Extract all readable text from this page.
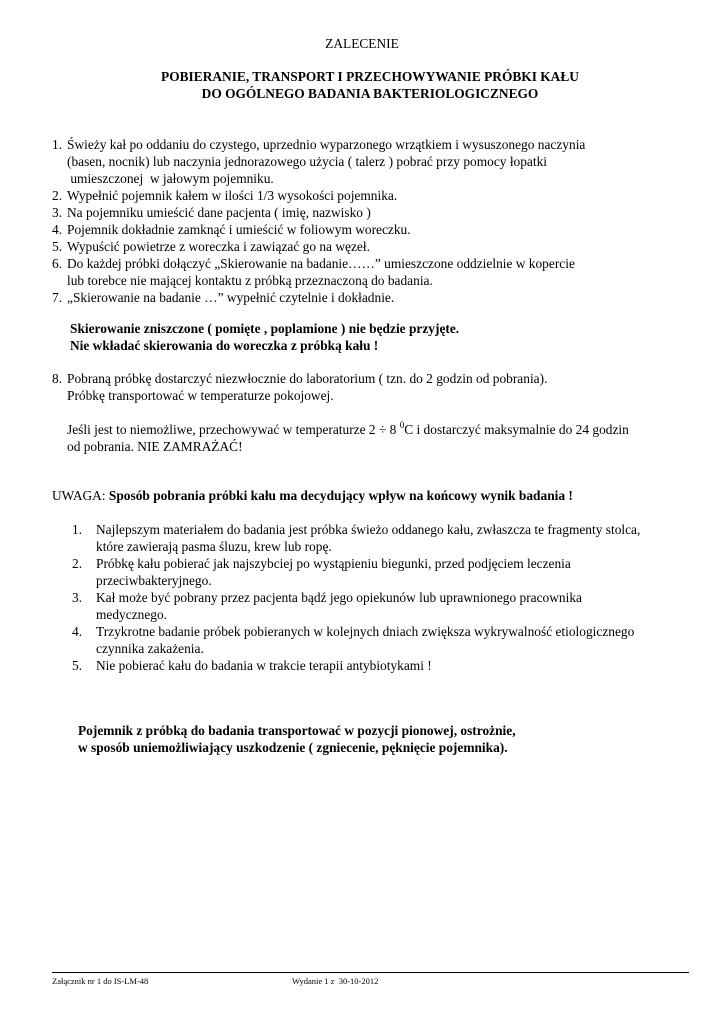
ZALECENIE
POBIERANIE, TRANSPORT I PRZECHOWYWANIE PRÓBKI KAŁU
DO OGÓLNEGO BADANIA BAKTERIOLOGICZNEGO
1. Świeży kał po oddaniu do czystego, uprzednio wyparzonego wrzątkiem i wysuszonego naczynia
(basen, nocnik) lub naczynia jednorazowego użycia ( talerz ) pobrać przy pomocy łopatki
umieszczonej  w jałowym pojemniku.
2. Wypełnić pojemnik kałem w ilości 1/3 wysokości pojemnika.
3. Na pojemniku umieścić dane pacjenta ( imię, nazwisko )
4. Pojemnik dokładnie zamknąć i umieścić w foliowym woreczku.
5. Wypuścić powietrze z woreczka i zawiązać go na węzeł.
6. Do każdej próbki dołączyć „Skierowanie na badanie……” umieszczone oddzielnie w kopercie
lub torebce nie mającej kontaktu z próbką przeznaczoną do badania.
7. „Skierowanie na badanie …” wypełnić czytelnie i dokładnie.
Skierowanie zniszczone ( pomięte , poplamione ) nie będzie przyjęte.
Nie wkładać skierowania do woreczka z próbką kału !
8. Pobraną próbkę dostarczyć niezwłocznie do laboratorium ( tzn. do 2 godzin od pobrania).
Próbkę transportować w temperaturze pokojowej.
Jeśli jest to niemożliwe, przechowywać w temperaturze 2 ÷ 8 $^0$C i dostarczyć maksymalnie do 24 godzin
od pobrania. NIE ZAMRAŻAĆ!
UWAGA: Sposób pobrania próbki kału ma decydujący wpływ na końcowy wynik badania !
1.	Najlepszym materiałem do badania jest próbka świeżo oddanego kału, zwłaszcza te fragmenty stolca,
które zawierają pasma śluzu, krew lub ropę.
2.	Próbkę kału pobierać jak najszybciej po wystąpieniu biegunki, przed podjęciem leczenia
przeciwbakteryjnego.
3.	Kał może być pobrany przez pacjenta bądź jego opiekunów lub uprawnionego pracownika
medycznego.
4.	Trzykrotne badanie próbek pobieranych w kolejnych dniach zwiększa wykrywalność etiologicznego
czynnika zakażenia.
5.	Nie pobierać kału do badania w trakcie terapii antybiotykami !
Pojemnik z próbką do badania transportować w pozycji pionowej, ostrożnie,
w sposób uniemożliwiający uszkodzenie ( zgniecenie, pęknięcie pojemnika).
Załącznik nr 1 do IS-LM-48	Wydanie 1 z  30-10-2012
